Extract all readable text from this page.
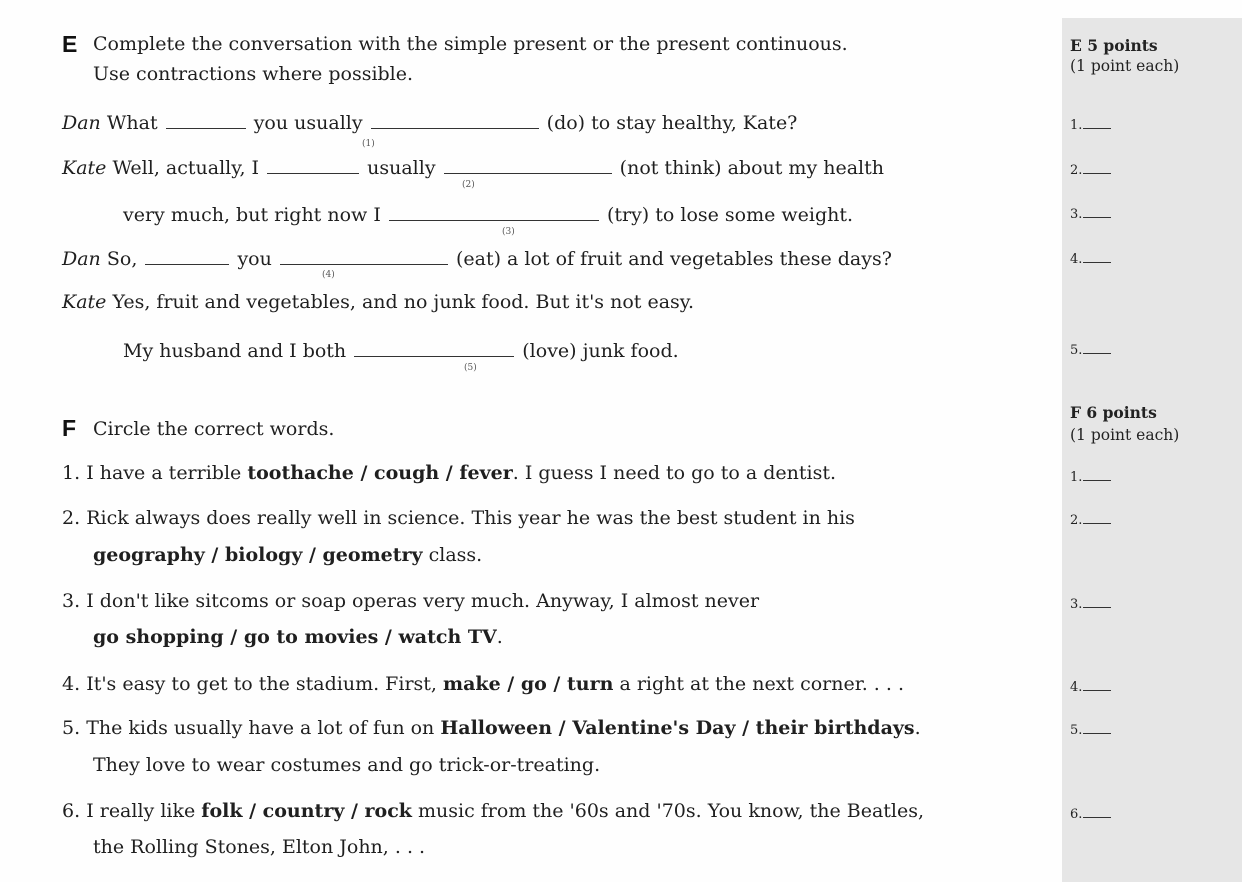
E Complete the conversation with the simple present or the present continuous.
Use contractions where possible.
E 5 points
(1 point each)
Dan What	you usually	(do) to stay healthy, Kate?
(1)
Kate Well, actually, I	usually	(not think) about my health
(2)
very much, but right now I	(try) to lose some weight.
(3)
Dan So,	you	(eat) a lot of fruit and vegetables these days?
(4)
Kate Yes, fruit and vegetables, and no junk food. But it's not easy.
My husband and I both	(love) junk food.
(5)
1.
2.
3.
4.
5.
F Circle the correct words.
F 6 points
(1 point each)
1. I have a terrible toothache / cough / fever. I guess I need to go to a dentist.
2. Rick always does really well in science. This year he was the best student in his
geography / biology / geometry class.
3. I don't like sitcoms or soap operas very much. Anyway, I almost never
go shopping / go to movies / watch TV.
4. It's easy to get to the stadium. First, make / go / turn a right at the next corner. . . .
5. The kids usually have a lot of fun on Halloween / Valentine's Day / their birthdays.
They love to wear costumes and go trick-or-treating.
6. I really like folk / country / rock music from the '60s and '70s. You know, the Beatles,
the Rolling Stones, Elton John, . . .
1.
2.
3.
4.
5.
6.
